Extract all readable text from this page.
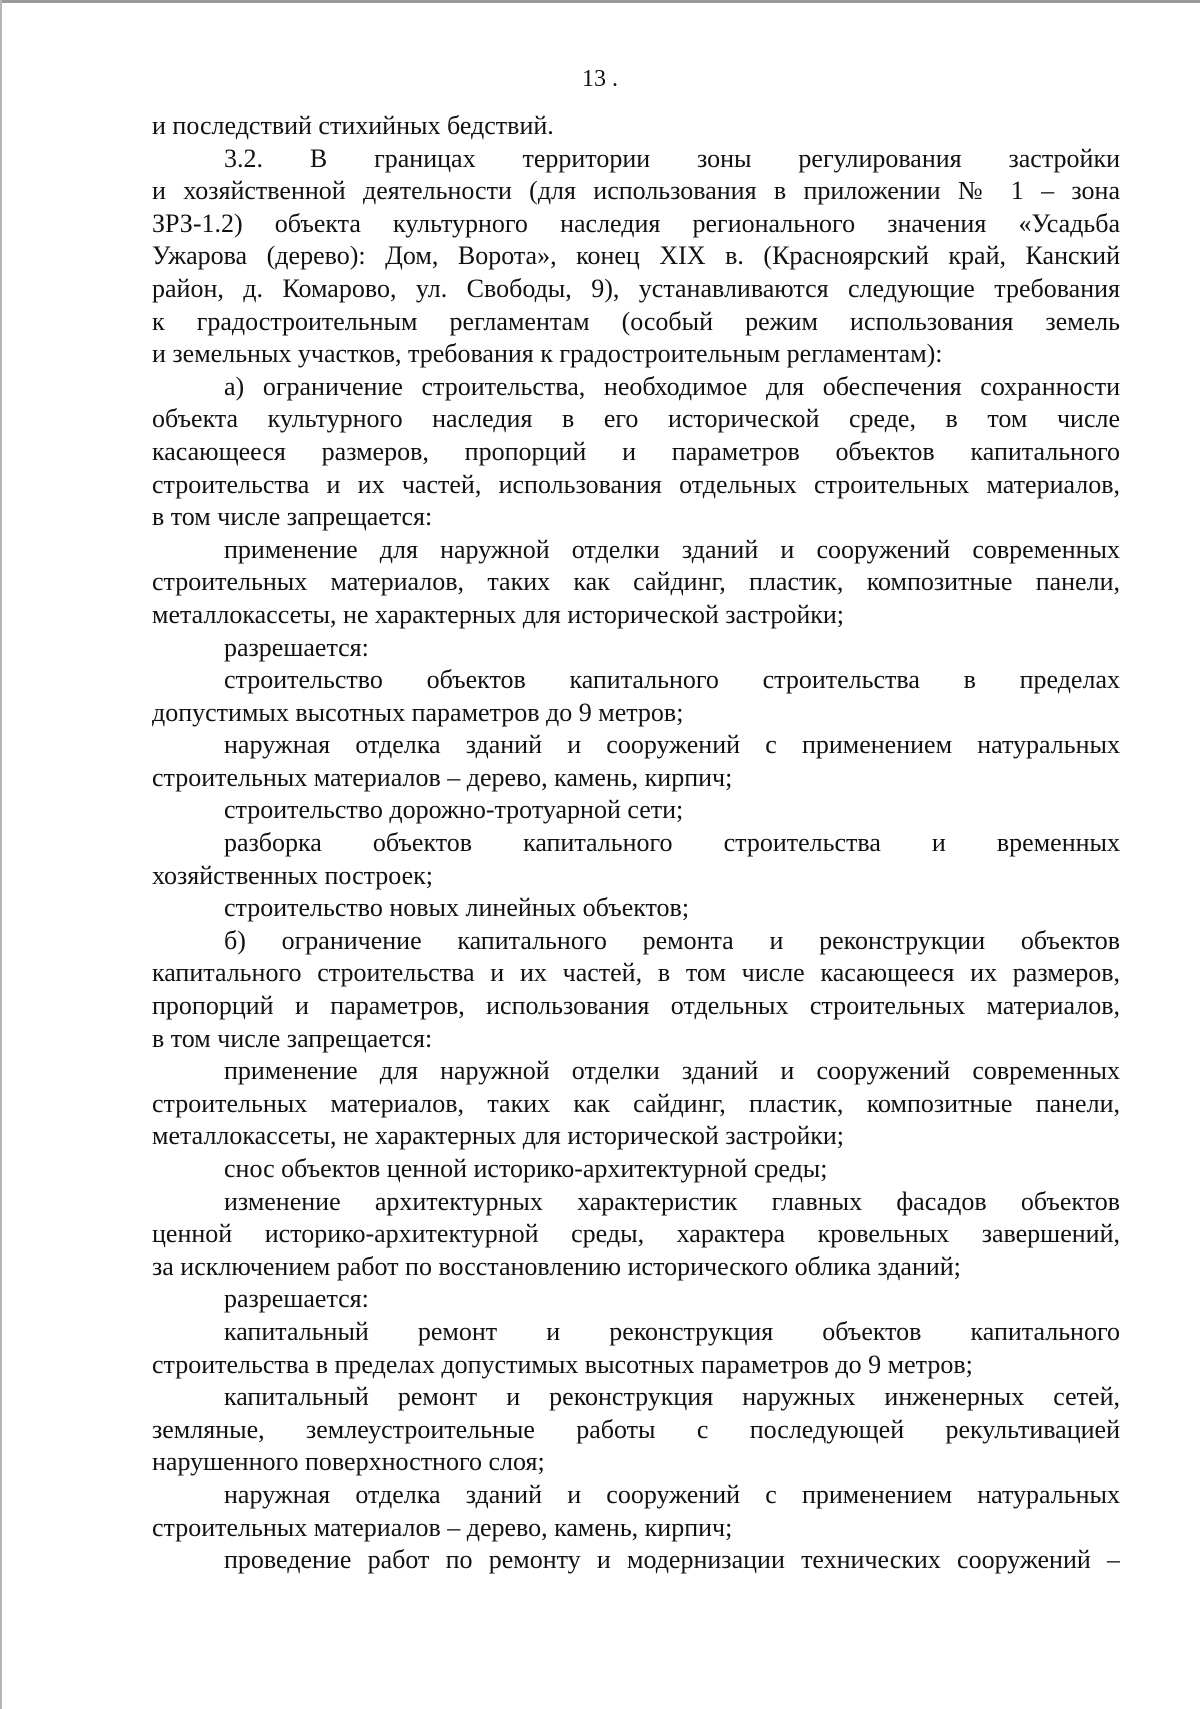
13 .
и последствий стихийных бедствий.
3.2. В границах территории зоны регулирования застройки
и хозяйственной деятельности (для использования в приложении № 1 – зона
ЗРЗ-1.2) объекта культурного наследия регионального значения «Усадьба
Ужарова (дерево): Дом, Ворота», конец XIX в. (Красноярский край, Канский
район, д. Комарово, ул. Свободы, 9), устанавливаются следующие требования
к градостроительным регламентам (особый режим использования земель
и земельных участков, требования к градостроительным регламентам):
а) ограничение строительства, необходимое для обеспечения сохранности
объекта культурного наследия в его исторической среде, в том числе
касающееся размеров, пропорций и параметров объектов капитального
строительства и их частей, использования отдельных строительных материалов,
в том числе запрещается:
применение для наружной отделки зданий и сооружений современных
строительных материалов, таких как сайдинг, пластик, композитные панели,
металлокассеты, не характерных для исторической застройки;
разрешается:
строительство объектов капитального строительства в пределах
допустимых высотных параметров до 9 метров;
наружная отделка зданий и сооружений с применением натуральных
строительных материалов – дерево, камень, кирпич;
строительство дорожно-тротуарной сети;
разборка объектов капитального строительства и временных
хозяйственных построек;
строительство новых линейных объектов;
б) ограничение капитального ремонта и реконструкции объектов
капитального строительства и их частей, в том числе касающееся их размеров,
пропорций и параметров, использования отдельных строительных материалов,
в том числе запрещается:
применение для наружной отделки зданий и сооружений современных
строительных материалов, таких как сайдинг, пластик, композитные панели,
металлокассеты, не характерных для исторической застройки;
снос объектов ценной историко-архитектурной среды;
изменение архитектурных характеристик главных фасадов объектов
ценной историко-архитектурной среды, характера кровельных завершений,
за исключением работ по восстановлению исторического облика зданий;
разрешается:
капитальный ремонт и реконструкция объектов капитального
строительства в пределах допустимых высотных параметров до 9 метров;
капитальный ремонт и реконструкция наружных инженерных сетей,
земляные, землеустроительные работы с последующей рекультивацией
нарушенного поверхностного слоя;
наружная отделка зданий и сооружений с применением натуральных
строительных материалов – дерево, камень, кирпич;
проведение работ по ремонту и модернизации технических сооружений –
